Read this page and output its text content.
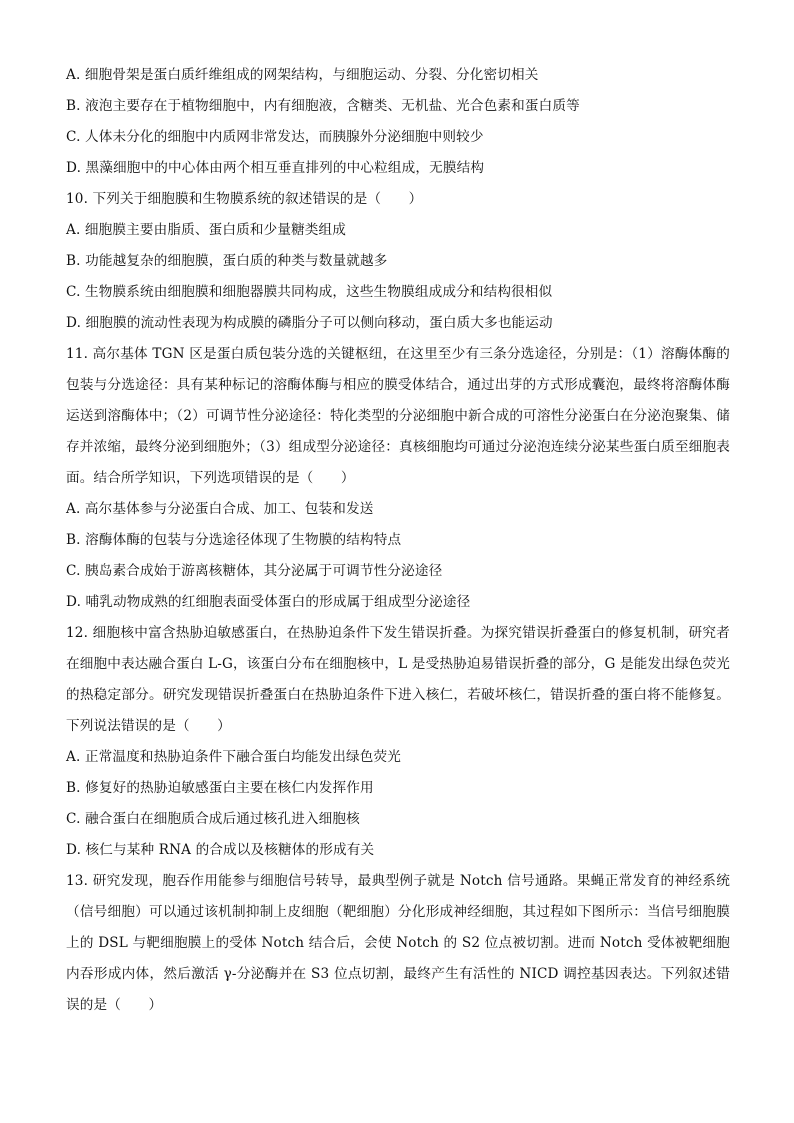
A. 细胞骨架是蛋白质纤维组成的网架结构，与细胞运动、分裂、分化密切相关
B. 液泡主要存在于植物细胞中，内有细胞液，含糖类、无机盐、光合色素和蛋白质等
C. 人体未分化的细胞中内质网非常发达，而胰腺外分泌细胞中则较少
D. 黑藻细胞中的中心体由两个相互垂直排列的中心粒组成，无膜结构
10. 下列关于细胞膜和生物膜系统的叙述错误的是（　　）
A. 细胞膜主要由脂质、蛋白质和少量糖类组成
B. 功能越复杂的细胞膜，蛋白质的种类与数量就越多
C. 生物膜系统由细胞膜和细胞器膜共同构成，这些生物膜组成成分和结构很相似
D. 细胞膜的流动性表现为构成膜的磷脂分子可以侧向移动，蛋白质大多也能运动
11. 高尔基体 TGN 区是蛋白质包装分选的关键枢纽，在这里至少有三条分选途径，分别是：（1）溶酶体酶的包装与分选途径：具有某种标记的溶酶体酶与相应的膜受体结合，通过出芽的方式形成囊泡，最终将溶酶体酶运送到溶酶体中；（2）可调节性分泌途径：特化类型的分泌细胞中新合成的可溶性分泌蛋白在分泌泡聚集、储存并浓缩，最终分泌到细胞外；（3）组成型分泌途径：真核细胞均可通过分泌泡连续分泌某些蛋白质至细胞表面。结合所学知识，下列选项错误的是（　　）
A. 高尔基体参与分泌蛋白合成、加工、包装和发送
B. 溶酶体酶的包装与分选途径体现了生物膜的结构特点
C. 胰岛素合成始于游离核糖体，其分泌属于可调节性分泌途径
D. 哺乳动物成熟的红细胞表面受体蛋白的形成属于组成型分泌途径
12. 细胞核中富含热胁迫敏感蛋白，在热胁迫条件下发生错误折叠。为探究错误折叠蛋白的修复机制，研究者在细胞中表达融合蛋白 L-G，该蛋白分布在细胞核中，L 是受热胁迫易错误折叠的部分，G 是能发出绿色荧光的热稳定部分。研究发现错误折叠蛋白在热胁迫条件下进入核仁，若破坏核仁，错误折叠的蛋白将不能修复。下列说法错误的是（　　）
A. 正常温度和热胁迫条件下融合蛋白均能发出绿色荧光
B. 修复好的热胁迫敏感蛋白主要在核仁内发挥作用
C. 融合蛋白在细胞质合成后通过核孔进入细胞核
D. 核仁与某种 RNA 的合成以及核糖体的形成有关
13. 研究发现，胞吞作用能参与细胞信号转导，最典型例子就是 Notch 信号通路。果蝇正常发育的神经系统（信号细胞）可以通过该机制抑制上皮细胞（靶细胞）分化形成神经细胞，其过程如下图所示：当信号细胞膜上的 DSL 与靶细胞膜上的受体 Notch 结合后，会使 Notch 的 S2 位点被切割。进而 Notch 受体被靶细胞内吞形成内体，然后激活 γ-分泌酶并在 S3 位点切割，最终产生有活性的 NICD 调控基因表达。下列叙述错误的是（　　）
